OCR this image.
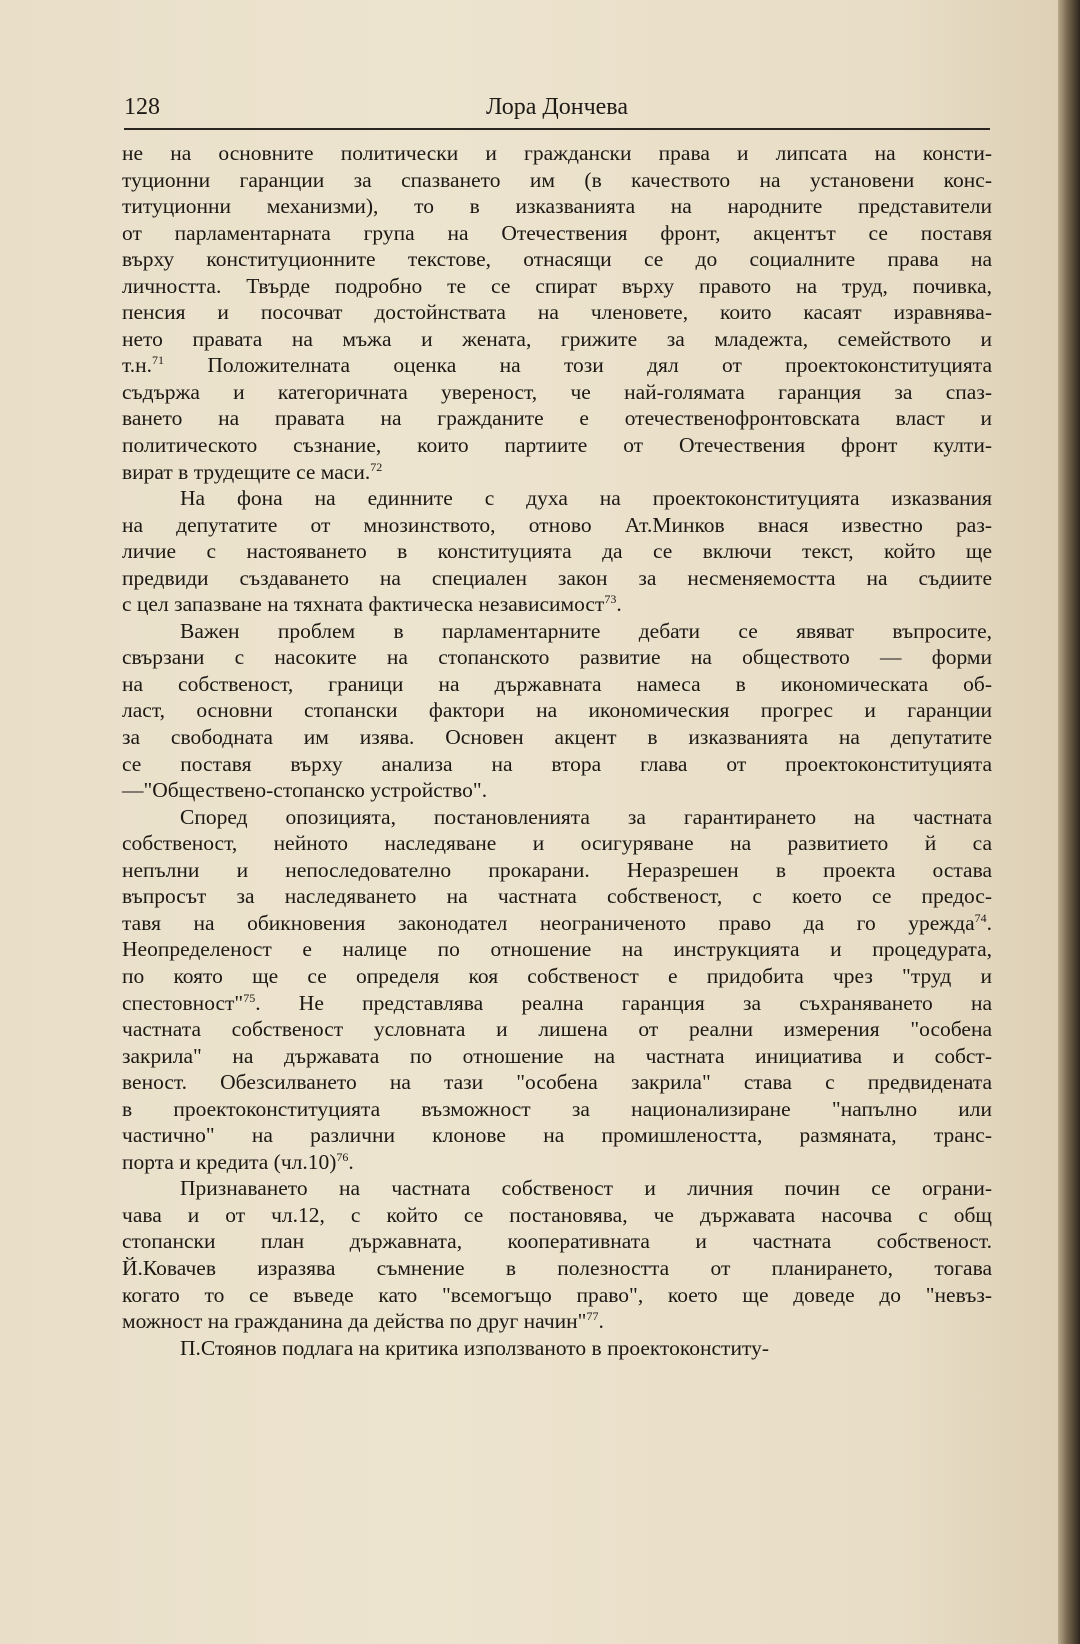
128	Лора Дончева
не на основните политически и граждански права и липсата на консти-
туционни гаранции за спазването им (в качеството на установени конс-
титуционни механизми), то в изказванията на народните представители
от парламентарната група на Отечествения фронт, акцентът се поставя
върху конституционните текстове, отнасящи се до социалните права на
личността. Твърде подробно те се спират върху правото на труд, почивка,
пенсия и посочват достойнствата на членовете, които касаят изравнява-
нето правата на мъжа и жената, грижите за младежта, семейството и
т.н.$^{71}$ Положителната оценка на този дял от проектоконституцията
съдържа и категоричната увереност, че най-голямата гаранция за спаз-
ването на правата на гражданите е отечественофронтовската власт и
политическото съзнание, които партиите от Отечествения фронт култи-
вират в трудещите се маси.$^{72}$
На фона на единните с духа на проектоконституцията изказвания
на депутатите от мнозинството, отново Ат.Минков внася известно раз-
личие с настояването в конституцията да се включи текст, който ще
предвиди създаването на специален закон за несменяемостта на съдиите
с цел запазване на тяхната фактическа независимост$^{73}$.
Важен проблем в парламентарните дебати се явяват въпросите,
свързани с насоките на стопанското развитие на обществото — форми
на собственост, граници на държавната намеса в икономическата об-
ласт, основни стопански фактори на икономическия прогрес и гаранции
за свободната им изява. Основен акцент в изказванията на депутатите
се поставя върху анализа на втора глава от проектоконституцията
—"Обществено-стопанско устройство".
Според опозицията, постановленията за гарантирането на частната
собственост, нейното наследяване и осигуряване на развитието й са
непълни и непоследователно прокарани. Неразрешен в проекта остава
въпросът за наследяването на частната собственост, с което се предос-
тавя на обикновения законодател неограниченото право да го урежда$^{74}$.
Неопределеност е налице по отношение на инструкцията и процедурата,
по която ще се определя коя собственост е придобита чрез "труд и
спестовност"$^{75}$. Не представлява реална гаранция за съхраняването на
частната собственост условната и лишена от реални измерения "особена
закрила" на държавата по отношение на частната инициатива и собст-
веност. Обезсилването на тази "особена закрила" става с предвидената
в проектоконституцията възможност за национализиране "напълно или
частично" на различни клонове на промишлеността, размяната, транс-
порта и кредита $(чл.10)^{76}$.
Признаването на частната собственост и личния почин се ограни-
чава и от чл.12, с който се постановява, че държавата насочва с общ
стопански план държавната, кооперативната и частната собственост.
Й.Ковачев изразява съмнение в полезността от планирането, тогава
когато то се въведе като "всемогъщо право", което ще доведе до "невъз-
можност на гражданина да действа по друг начин"$^{77}$.
П.Стоянов подлага на критика използваното в проектоконститу-
